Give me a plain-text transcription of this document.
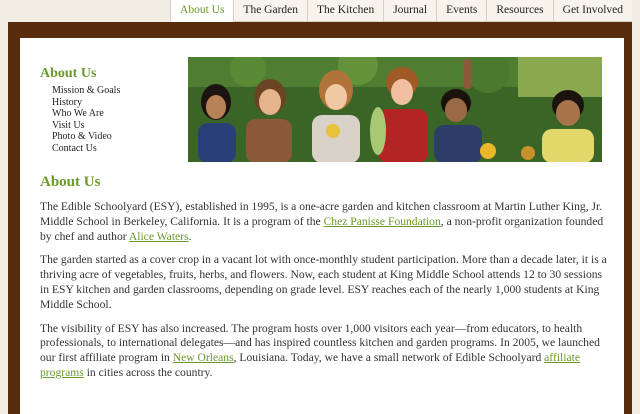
About Us	The Garden	The Kitchen	Journal	Events	Resources	Get Involved
About Us
Mission & Goals
History
Who We Are
Visit Us
Photo & Video
Contact Us
About Us

The Edible Schoolyard (ESY), established in 1995, is a one-acre garden and kitchen classroom at Martin Luther King, Jr. Middle School in Berkeley, California. It is a program of the Chez Panisse Foundation, a non-profit organization founded by chef and author Alice Waters.

The garden started as a cover crop in a vacant lot with once-monthly student participation. More than a decade later, it is a thriving acre of vegetables, fruits, herbs, and flowers. Now, each student at King Middle School attends 12 to 30 sessions in ESY kitchen and garden classrooms, depending on grade level. ESY reaches each of the nearly 1,000 students at King Middle School.

The visibility of ESY has also increased. The program hosts over 1,000 visitors each year—from educators, to health professionals, to international delegates—and has inspired countless kitchen and garden programs. In 2005, we launched our first affiliate program in New Orleans, Louisiana. Today, we have a small network of Edible Schoolyard affiliate programs in cities across the country.
